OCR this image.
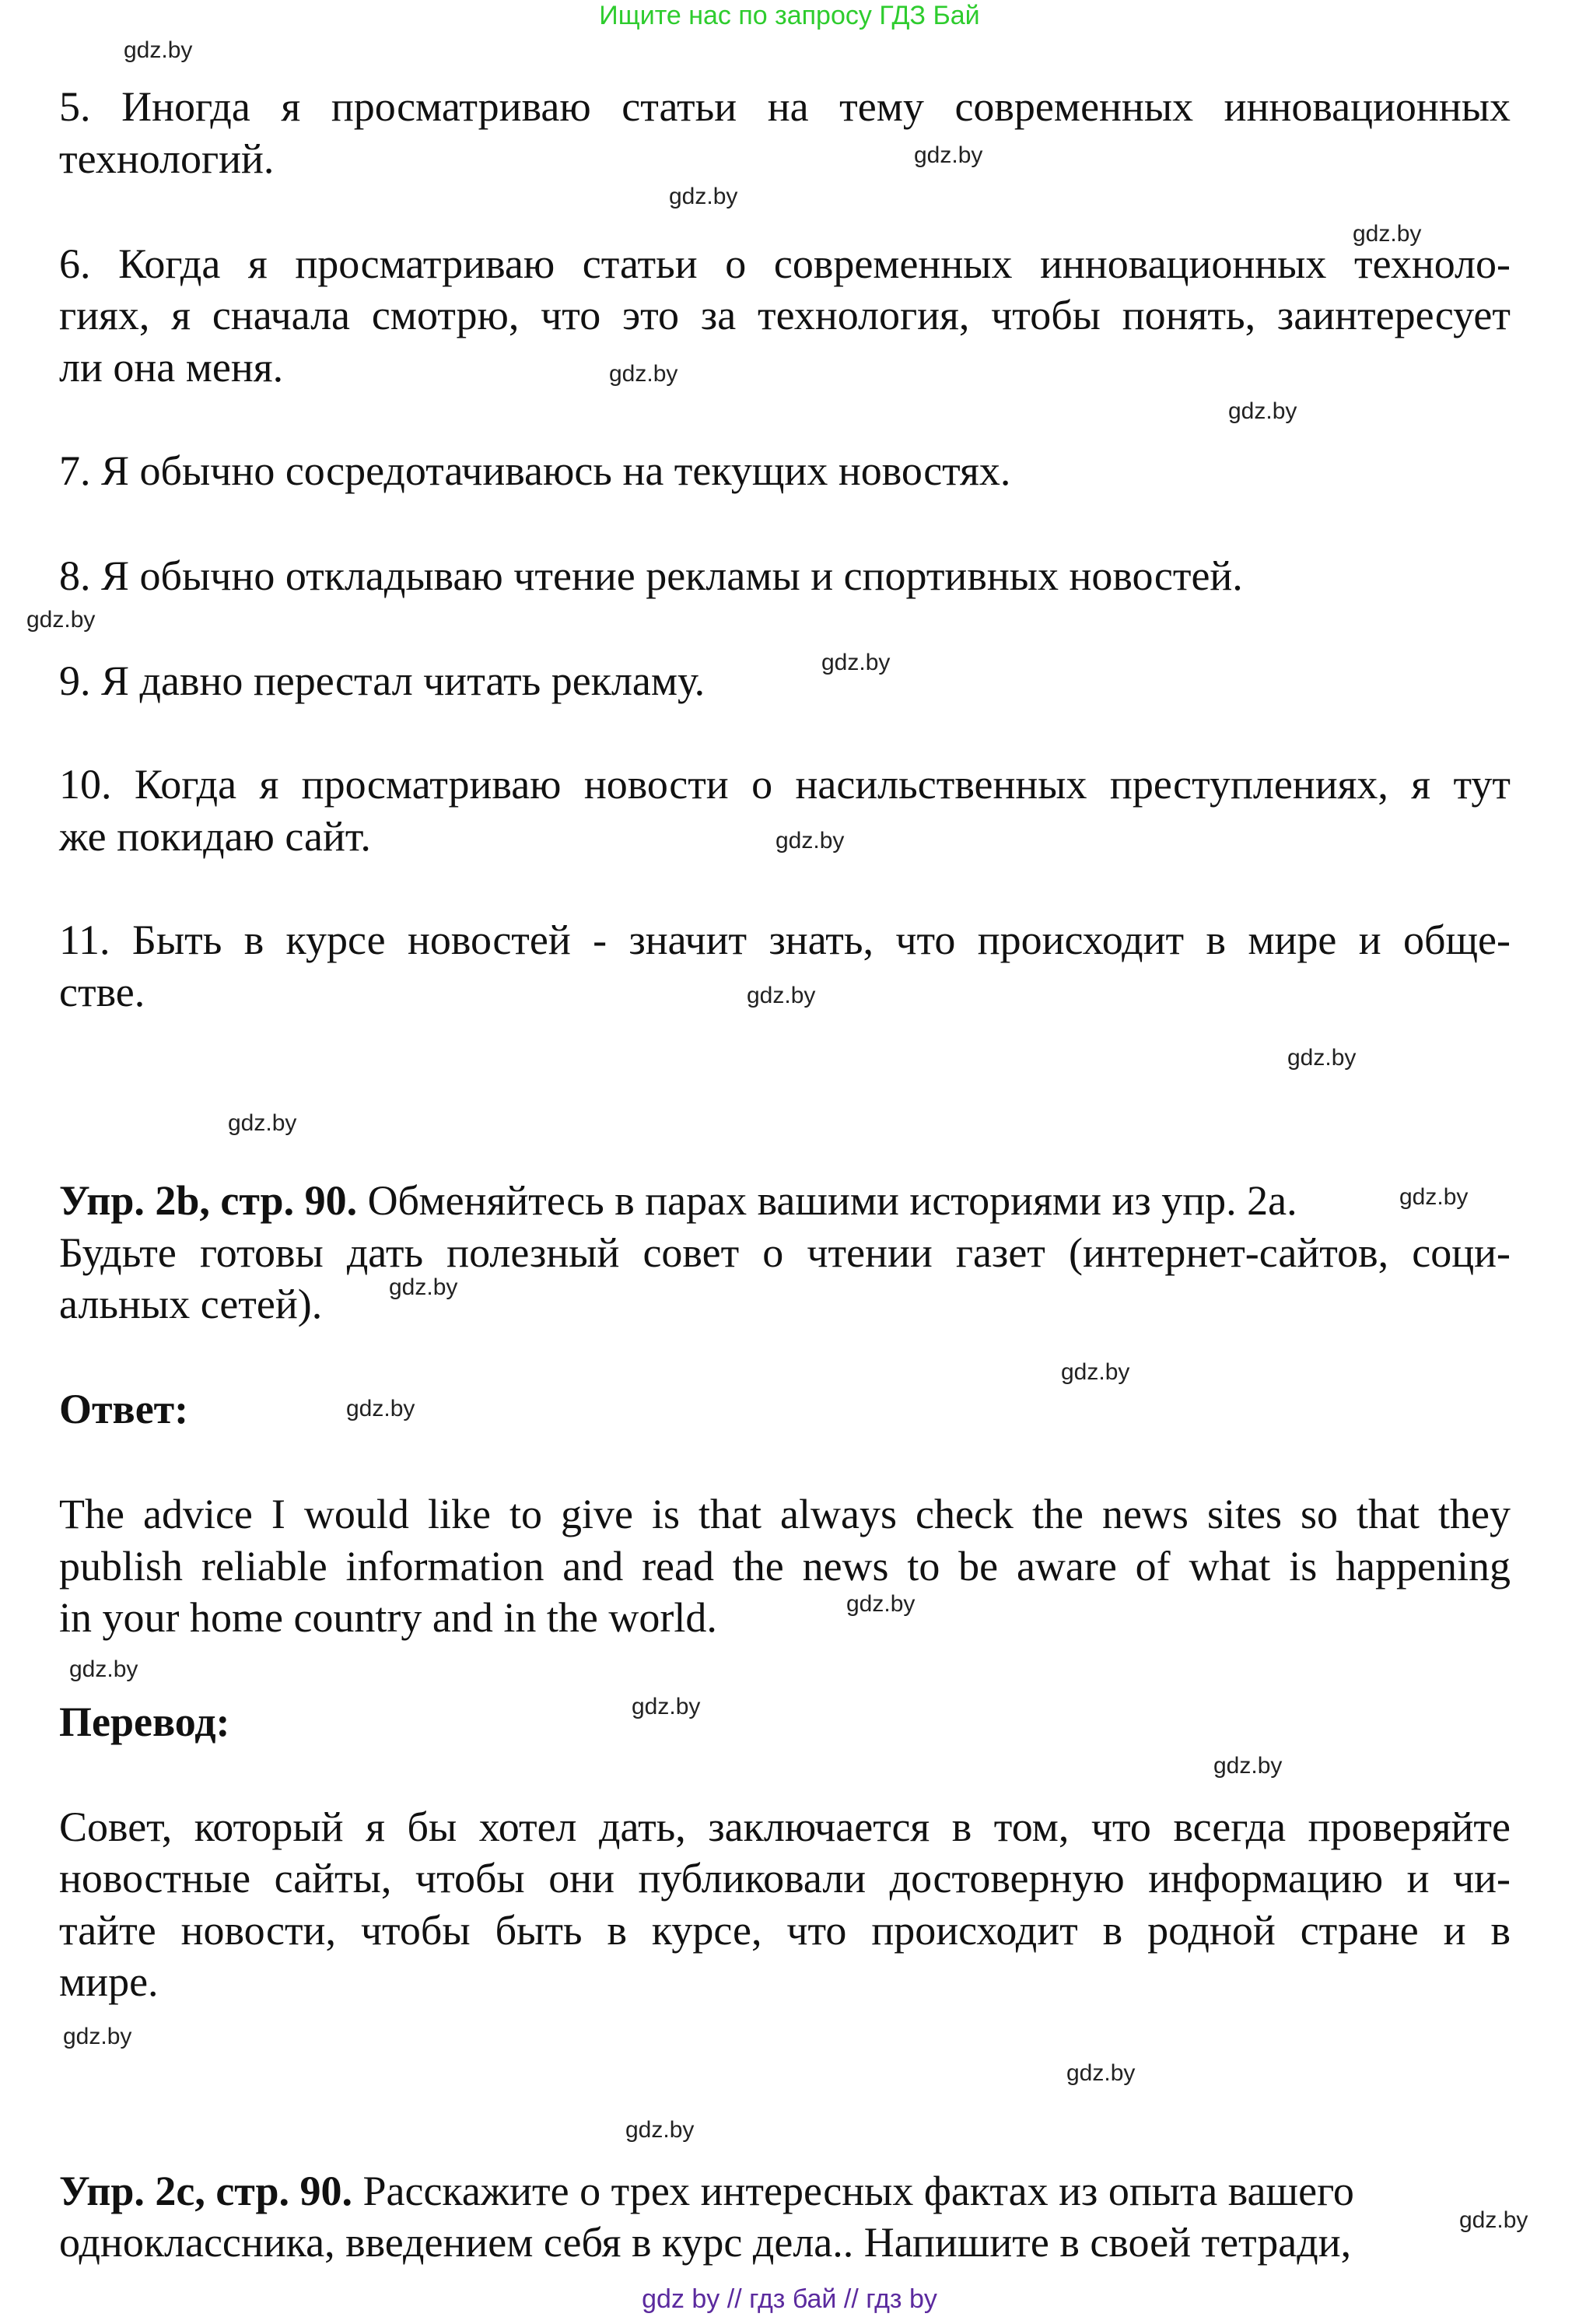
Ищите нас по запросу ГДЗ Бай
5. Иногда я просматриваю статьи на тему современных инновационных
технологий.
6. Когда я просматриваю статьи о современных инновационных техноло-
гиях, я сначала смотрю, что это за технология, чтобы понять, заинтересует
ли она меня.
7. Я обычно сосредотачиваюсь на текущих новостях.
8. Я обычно откладываю чтение рекламы и спортивных новостей.
9. Я давно перестал читать рекламу.
10. Когда я просматриваю новости о насильственных преступлениях, я тут
же покидаю сайт.
11. Быть в курсе новостей - значит знать, что происходит в мире и обще-
стве.
Упр. 2b, стр. 90. Обменяйтесь в парах вашими историями из упр. 2a.
Будьте готовы дать полезный совет о чтении газет (интернет-сайтов, соци-
альных сетей).
Ответ:
The advice I would like to give is that always check the news sites so that they
publish reliable information and read the news to be aware of what is happening
in your home country and in the world.
Перевод:
Совет, который я бы хотел дать, заключается в том, что всегда проверяйте
новостные сайты, чтобы они публиковали достоверную информацию и чи-
тайте новости, чтобы быть в курсе, что происходит в родной стране и в
мире.
Упр. 2c, стр. 90. Расскажите о трех интересных фактах из опыта вашего
одноклассника, введением себя в курс дела.. Напишите в своей тетради,
gdz.by
gdz.by
gdz.by
gdz.by
gdz.by
gdz.by
gdz.by
gdz.by
gdz.by
gdz.by
gdz.by
gdz.by
gdz.by
gdz.by
gdz.by
gdz.by
gdz.by
gdz.by
gdz.by
gdz.by
gdz.by
gdz.by
gdz.by
gdz.by
gdz by // гдз бай // гдз by
